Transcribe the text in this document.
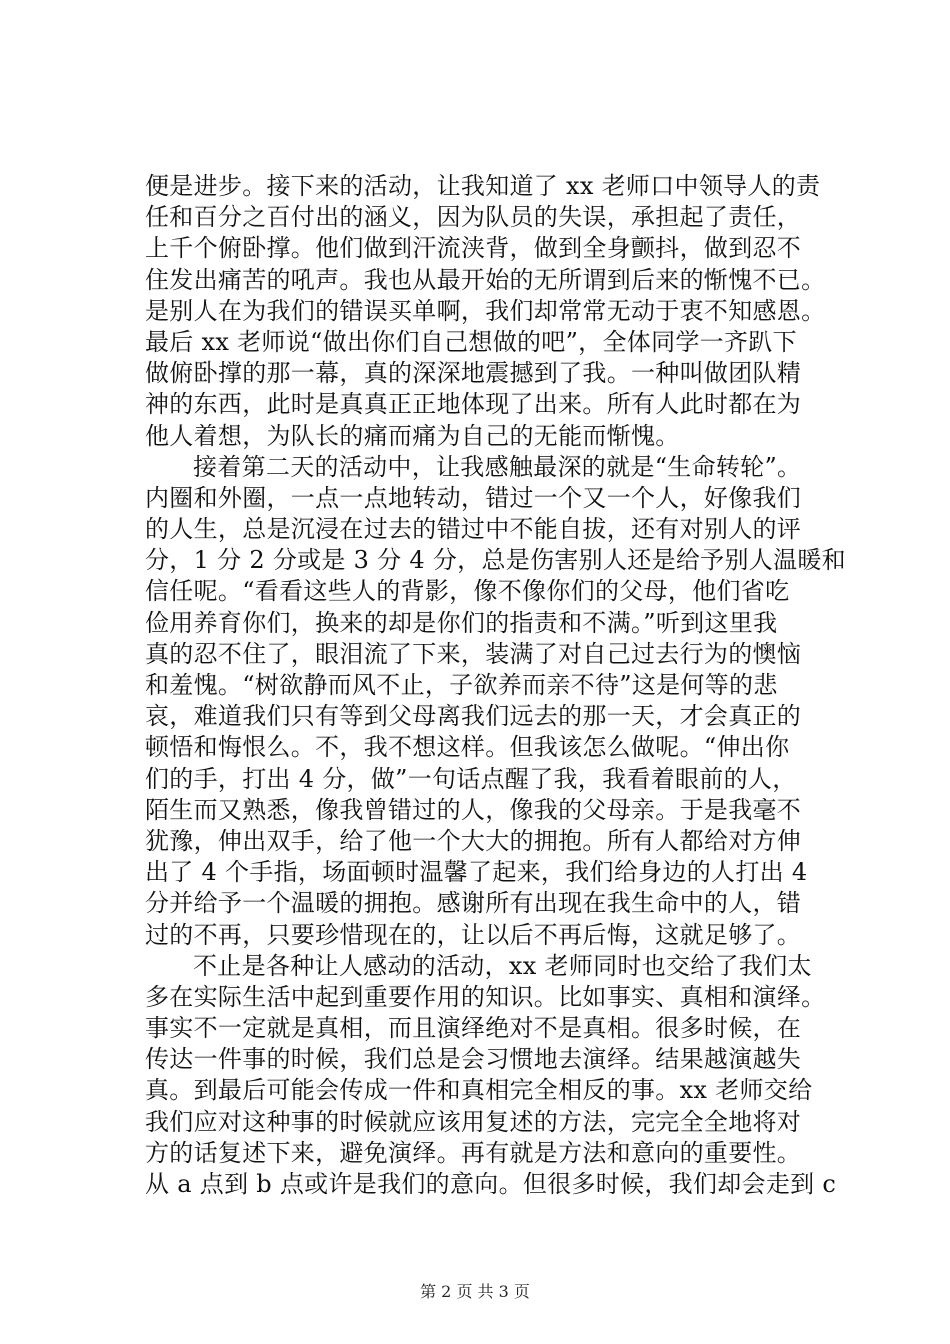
便是进步。接下来的活动，让我知道了 xx 老师口中领导人的责
任和百分之百付出的涵义，因为队员的失误，承担起了责任，
上千个俯卧撑。他们做到汗流浃背，做到全身颤抖，做到忍不
住发出痛苦的吼声。我也从最开始的无所谓到后来的惭愧不已。
是别人在为我们的错误买单啊，我们却常常无动于衷不知感恩。
最后 xx 老师说“做出你们自己想做的吧”，全体同学一齐趴下
做俯卧撑的那一幕，真的深深地震撼到了我。一种叫做团队精
神的东西，此时是真真正正地体现了出来。所有人此时都在为
他人着想，为队长的痛而痛为自己的无能而惭愧。
接着第二天的活动中，让我感触最深的就是“生命转轮”。
内圈和外圈，一点一点地转动，错过一个又一个人，好像我们
的人生，总是沉浸在过去的错过中不能自拔，还有对别人的评
分，1 分 2 分或是 3 分 4 分，总是伤害别人还是给予别人温暖和
信任呢。“看看这些人的背影，像不像你们的父母，他们省吃
俭用养育你们，换来的却是你们的指责和不满。”听到这里我
真的忍不住了，眼泪流了下来，装满了对自己过去行为的懊恼
和羞愧。“树欲静而风不止，子欲养而亲不待”这是何等的悲
哀，难道我们只有等到父母离我们远去的那一天，才会真正的
顿悟和悔恨么。不，我不想这样。但我该怎么做呢。“伸出你
们的手，打出 4 分，做”一句话点醒了我，我看着眼前的人，
陌生而又熟悉，像我曾错过的人，像我的父母亲。于是我毫不
犹豫，伸出双手，给了他一个大大的拥抱。所有人都给对方伸
出了 4 个手指，场面顿时温馨了起来，我们给身边的人打出 4
分并给予一个温暖的拥抱。感谢所有出现在我生命中的人，错
过的不再，只要珍惜现在的，让以后不再后悔，这就足够了。
不止是各种让人感动的活动，xx 老师同时也交给了我们太
多在实际生活中起到重要作用的知识。比如事实、真相和演绎。
事实不一定就是真相，而且演绎绝对不是真相。很多时候，在
传达一件事的时候，我们总是会习惯地去演绎。结果越演越失
真。到最后可能会传成一件和真相完全相反的事。xx 老师交给
我们应对这种事的时候就应该用复述的方法，完完全全地将对
方的话复述下来，避免演绎。再有就是方法和意向的重要性。
从 a 点到 b 点或许是我们的意向。但很多时候，我们却会走到 c
第 2 页 共 3 页
